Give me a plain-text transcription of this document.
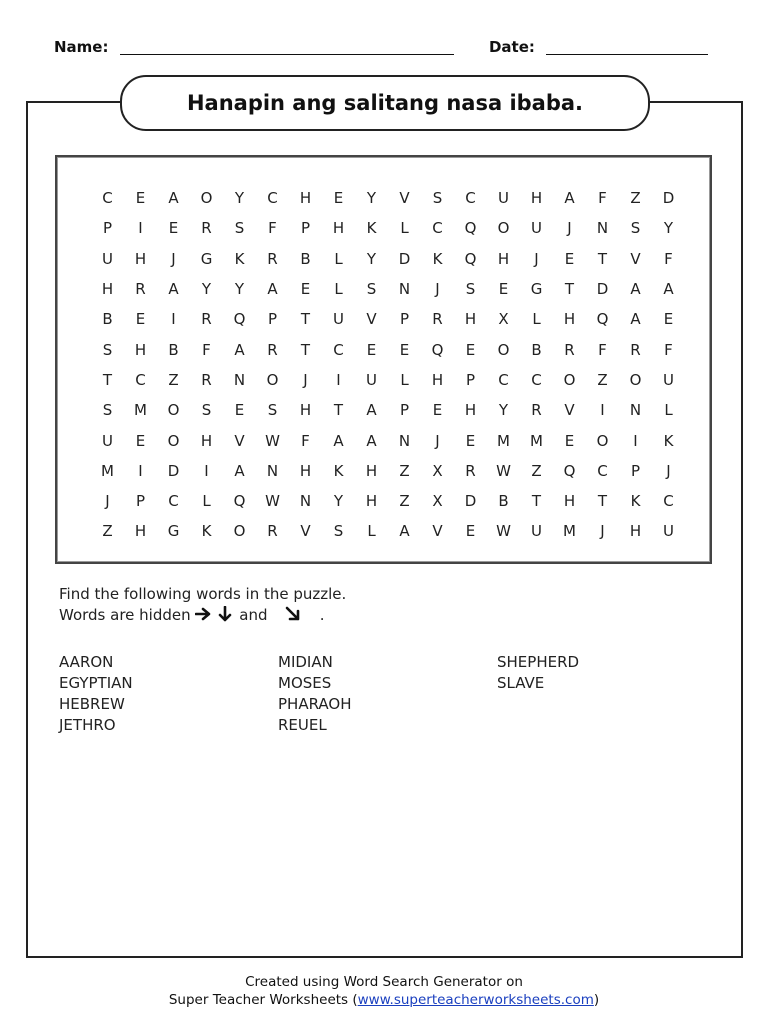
Name:	Date:
Hanapin ang salitang nasa ibaba.
C	E	A	O	Y	C	H	E	Y	V	S	C	U	H	A	F	Z	D
P	I	E	R	S	F	P	H	K	L	C	Q	O	U	J	N	S	Y
U	H	J	G	K	R	B	L	Y	D	K	Q	H	J	E	T	V	F
H	R	A	Y	Y	A	E	L	S	N	J	S	E	G	T	D	A	A
B	E	I	R	Q	P	T	U	V	P	R	H	X	L	H	Q	A	E
S	H	B	F	A	R	T	C	E	E	Q	E	O	B	R	F	R	F
T	C	Z	R	N	O	J	I	U	L	H	P	C	C	O	Z	O	U
S	M	O	S	E	S	H	T	A	P	E	H	Y	R	V	I	N	L
U	E	O	H	V	W	F	A	A	N	J	E	M	M	E	O	I	K
M	I	D	I	A	N	H	K	H	Z	X	R	W	Z	Q	C	P	J
J	P	C	L	Q	W	N	Y	H	Z	X	D	B	T	H	T	K	C
Z	H	G	K	O	R	V	S	L	A	V	E	W	U	M	J	H	U
Find the following words in the puzzle.
Words are hidden	and	.
AARON
EGYPTIAN
HEBREW
JETHRO
MIDIAN
MOSES
PHARAOH
REUEL
SHEPHERD
SLAVE
Created using Word Search Generator on
Super Teacher Worksheets (www.superteacherworksheets.com)
